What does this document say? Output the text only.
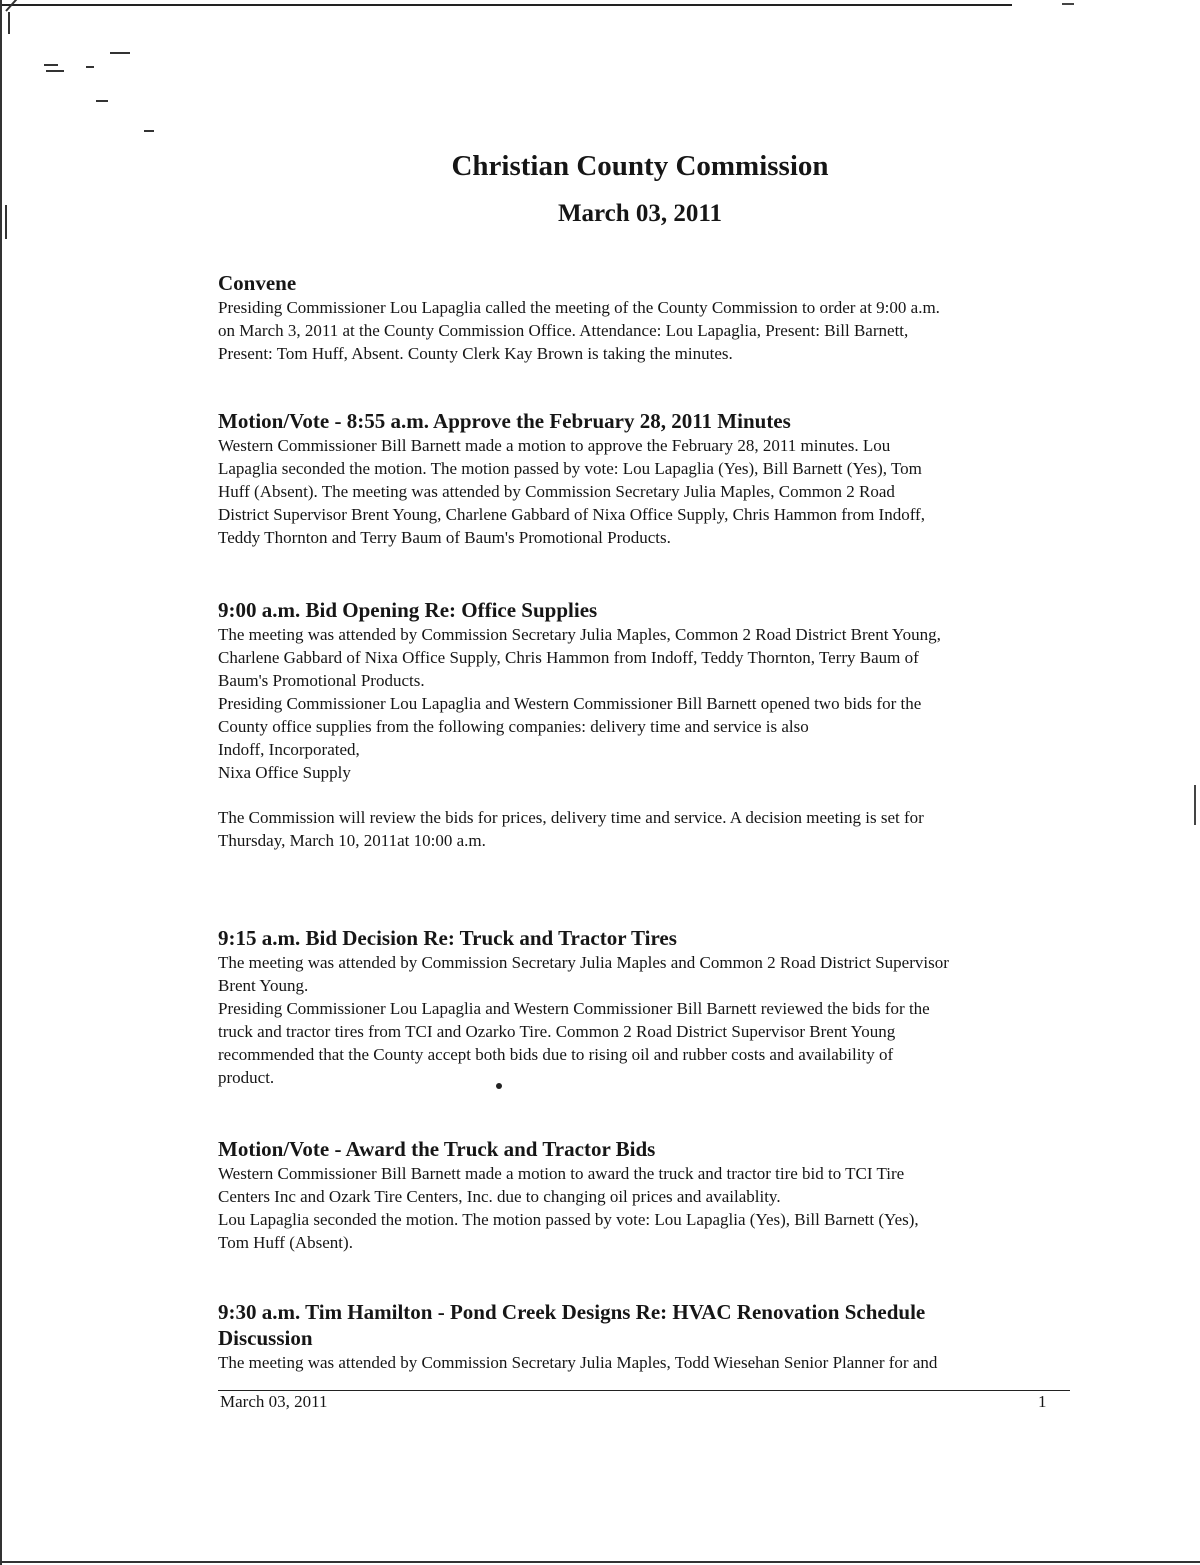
Christian County Commission
March 03, 2011

Convene

Presiding Commissioner Lou Lapaglia called the meeting of the County Commission to order at 9:00 a.m.

on March 3, 2011 at the County Commission Office. Attendance: Lou Lapaglia, Present: Bill Barnett,

Present: Tom Huff, Absent. County Clerk Kay Brown is taking the minutes.

Motion/Vote - 8:55 a.m. Approve the February 28, 2011 Minutes

Western Commissioner Bill Barnett made a motion to approve the February 28, 2011 minutes. Lou

Lapaglia seconded the motion. The motion passed by vote: Lou Lapaglia (Yes), Bill Barnett (Yes), Tom

Huff (Absent). The meeting was attended by Commission Secretary Julia Maples, Common 2 Road

District Supervisor Brent Young, Charlene Gabbard of Nixa Office Supply, Chris Hammon from Indoff,

Teddy Thornton and Terry Baum of Baum's Promotional Products.

9:00 a.m. Bid Opening Re: Office Supplies

The meeting was attended by Commission Secretary Julia Maples, Common 2 Road District Brent Young,

Charlene Gabbard of Nixa Office Supply, Chris Hammon from Indoff, Teddy Thornton, Terry Baum of

Baum's Promotional Products.

Presiding Commissioner Lou Lapaglia and Western Commissioner Bill Barnett opened two bids for the

County office supplies from the following companies: delivery time and service is also

Indoff, Incorporated,

Nixa Office Supply

The Commission will review the bids for prices, delivery time and service. A decision meeting is set for

Thursday, March 10, 2011at 10:00 a.m.

9:15 a.m. Bid Decision Re: Truck and Tractor Tires

The meeting was attended by Commission Secretary Julia Maples and Common 2 Road District Supervisor

Brent Young.

Presiding Commissioner Lou Lapaglia and Western Commissioner Bill Barnett reviewed the bids for the

truck and tractor tires from TCI and Ozarko Tire. Common 2 Road District Supervisor Brent Young

recommended that the County accept both bids due to rising oil and rubber costs and availability of

product.

Motion/Vote - Award the Truck and Tractor Bids

Western Commissioner Bill Barnett made a motion to award the truck and tractor tire bid to TCI Tire

Centers Inc and Ozark Tire Centers, Inc. due to changing oil prices and availablity.

Lou Lapaglia seconded the motion. The motion passed by vote: Lou Lapaglia (Yes), Bill Barnett (Yes),

Tom Huff (Absent).

9:30 a.m. Tim Hamilton - Pond Creek Designs Re: HVAC Renovation Schedule

Discussion

The meeting was attended by Commission Secretary Julia Maples, Todd Wiesehan Senior Planner for and

March 03, 2011	1
